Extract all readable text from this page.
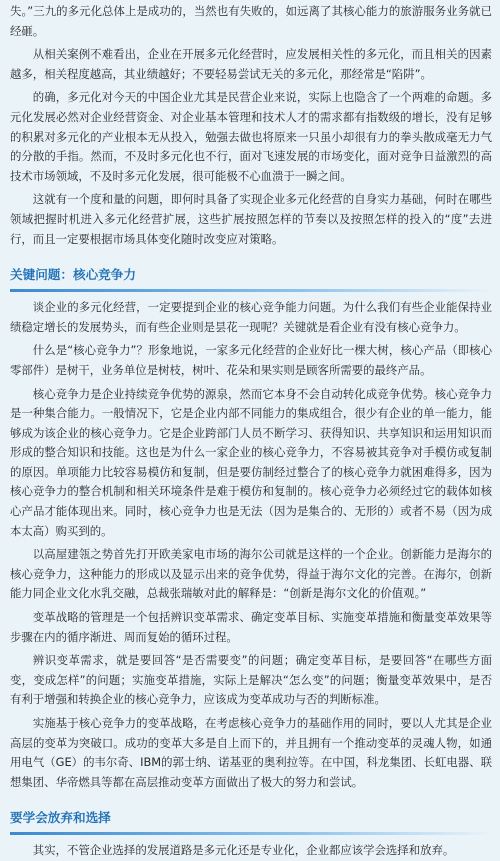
失。”三九的多元化总体上是成功的，当然也有失败的，如远离了其核心能力的旅游服务业务就已经砸。

从相关案例不难看出，企业在开展多元化经营时，应发展相关性的多元化，而且相关的因素越多，相关程度越高，其业绩越好；不要轻易尝试无关的多元化，那经常是“陷阱”。

的确，多元化对今天的中国企业尤其是民营企业来说，实际上也隐含了一个两难的命题。多元化发展必然对企业经营资金、对企业基本管理和技术人才的需求都有指数级的增长，没有足够的积累对多元化的产业根本无从投入，勉强去做也将原来一只虽小却很有力的拳头散成毫无力气的分散的手指。然而，不及时多元化也不行，面对飞速发展的市场变化，面对竞争日益激烈的高技术市场领域，不及时多元化发展，很可能极不心血溃于一瞬之间。

这就有一个度和量的问题，即何时具备了实现企业多元化经营的自身实力基础，何时在哪些领域把握时机进入多元化经营扩展，这些扩展按照怎样的节奏以及按照怎样的投入的“度”去进行，而且一定要根据市场具体变化随时改变应对策略。

关键问题：核心竞争力

谈企业的多元化经营，一定要提到企业的核心竞争能力问题。为什么我们有些企业能保持业绩稳定增长的发展势头，而有些企业则是昙花一现呢？关键就是看企业有没有核心竞争力。

什么是“核心竞争力”？形象地说，一家多元化经营的企业好比一棵大树，核心产品（即核心零部件）是树干，业务单位是树枝，树叶、花朵和果实则是顾客所需要的最终产品。

核心竞争力是企业持续竞争优势的源泉，然而它本身不会自动转化成竞争优势。核心竞争力是一种集合能力。一般情况下，它是企业内部不同能力的集成组合，很少有企业的单一能力，能够成为该企业的核心竞争力。它是企业跨部门人员不断学习、获得知识、共享知识和运用知识而形成的整合知识和技能。这也是为什么一家企业的核心竞争力，不容易被其竞争对手模仿或复制的原因。单项能力比较容易模仿和复制，但是要仿制经过整合了的核心竞争力就困难得多，因为核心竞争力的整合机制和相关环境条件是难于模仿和复制的。核心竞争力必须经过它的载体如核心产品才能体现出来。同时，核心竞争力也是无法（因为是集合的、无形的）或者不易（因为成本太高）购买到的。

以高屋建瓴之势首先打开欧美家电市场的海尔公司就是这样的一个企业。创新能力是海尔的核心竞争力，这种能力的形成以及显示出来的竞争优势，得益于海尔文化的完善。在海尔，创新能力同企业文化水乳交融，总裁张瑞敏对此的解释是：“创新是海尔文化的价值观。”

变革战略的管理是一个包括辨识变革需求、确定变革目标、实施变革措施和衡量变革效果等步骤在内的循序渐进、周而复始的循环过程。

辨识变革需求，就是要回答“是否需要变”的问题；确定变革目标，是要回答“在哪些方面变，变成怎样”的问题；实施变革措施，实际上是解决“怎么变”的问题；衡量变革效果中，是否有利于增强和转换企业的核心竞争力，应该成为变革成功与否的判断标准。

实施基于核心竞争力的变革战略，在考虑核心竞争力的基础作用的同时，要以人尤其是企业高层的变革为突破口。成功的变革大多是自上而下的，并且拥有一个推动变革的灵魂人物，如通用电气（GE）的韦尔奇、IBM的郭士纳、诺基亚的奥利拉等。在中国，科龙集团、长虹电器、联想集团、华帝燃具等都在高层推动变革方面做出了极大的努力和尝试。

要学会放弃和选择

其实，不管企业选择的发展道路是多元化还是专业化，企业都应该学会选择和放弃。
